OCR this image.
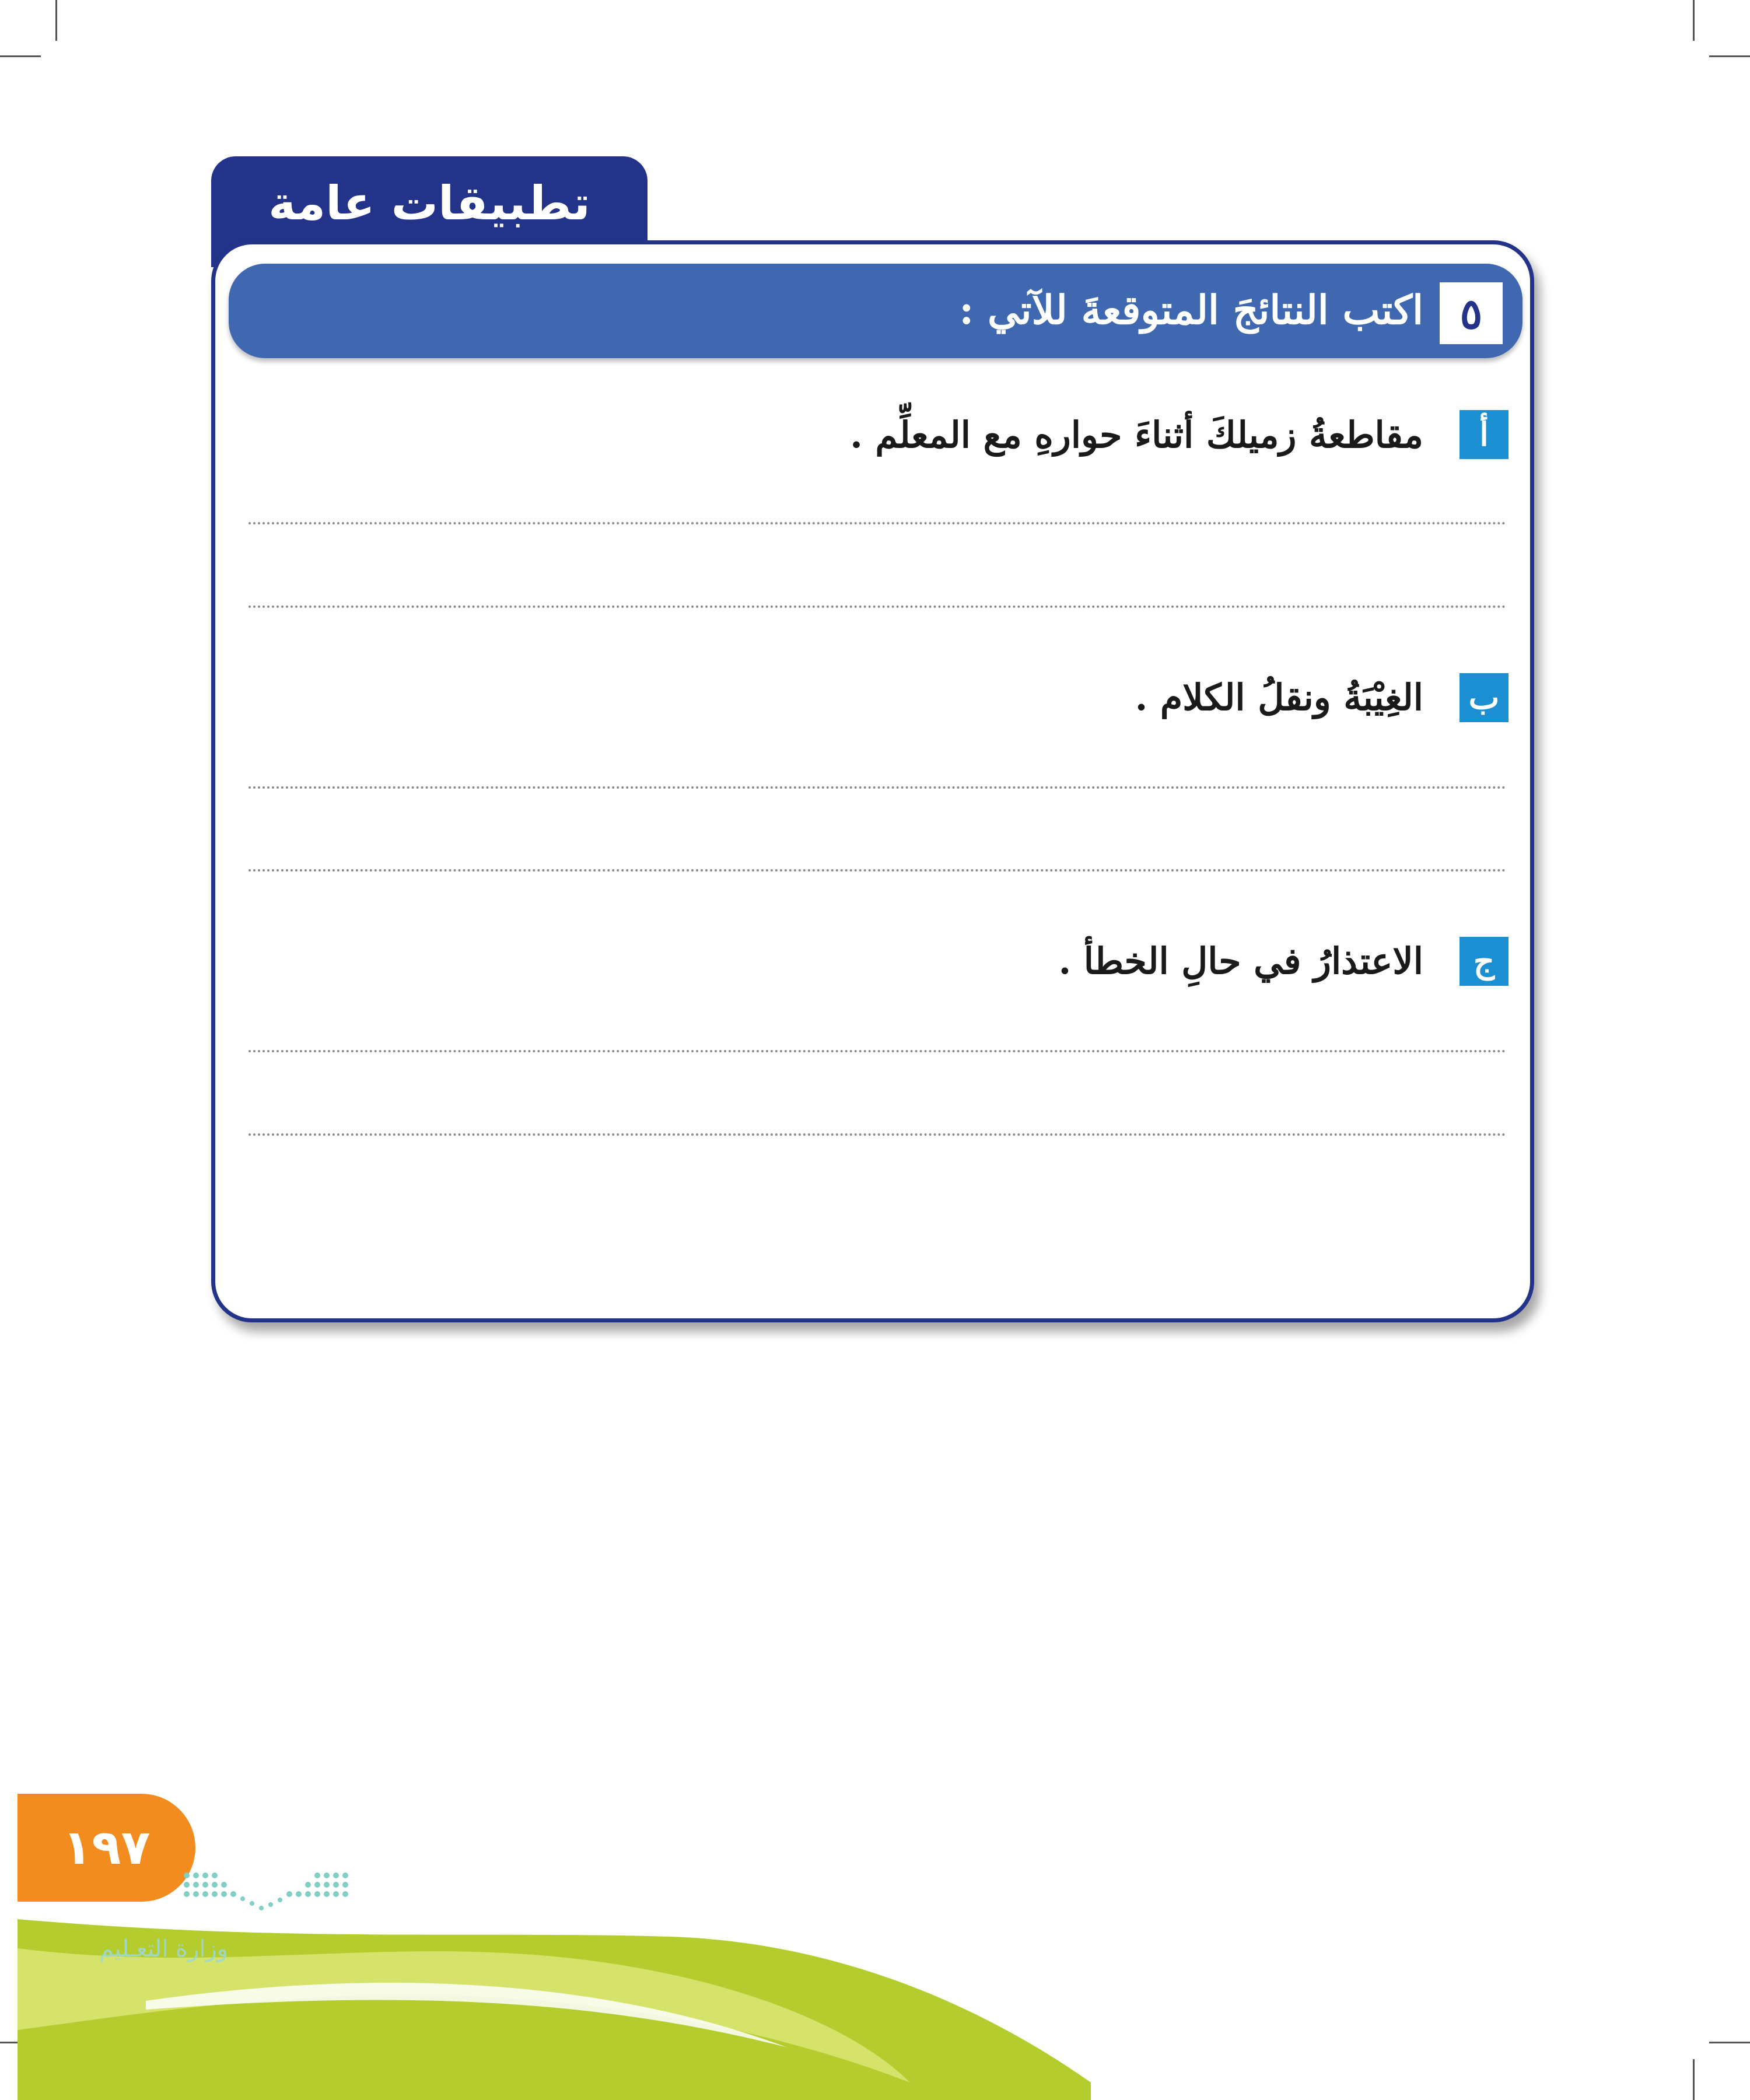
تطبيقات عامة
٥
اكتب النتائجَ المتوقعةَ للآتي :
أ
مقاطعةُ زميلكَ أثناءَ حوارهِ مع المعلِّم .
ب
الغِيْبَةُ ونقلُ الكلام .
ج
الاعتذارُ في حالِ الخطأ .
١٩٧
وزارة التعـليم
